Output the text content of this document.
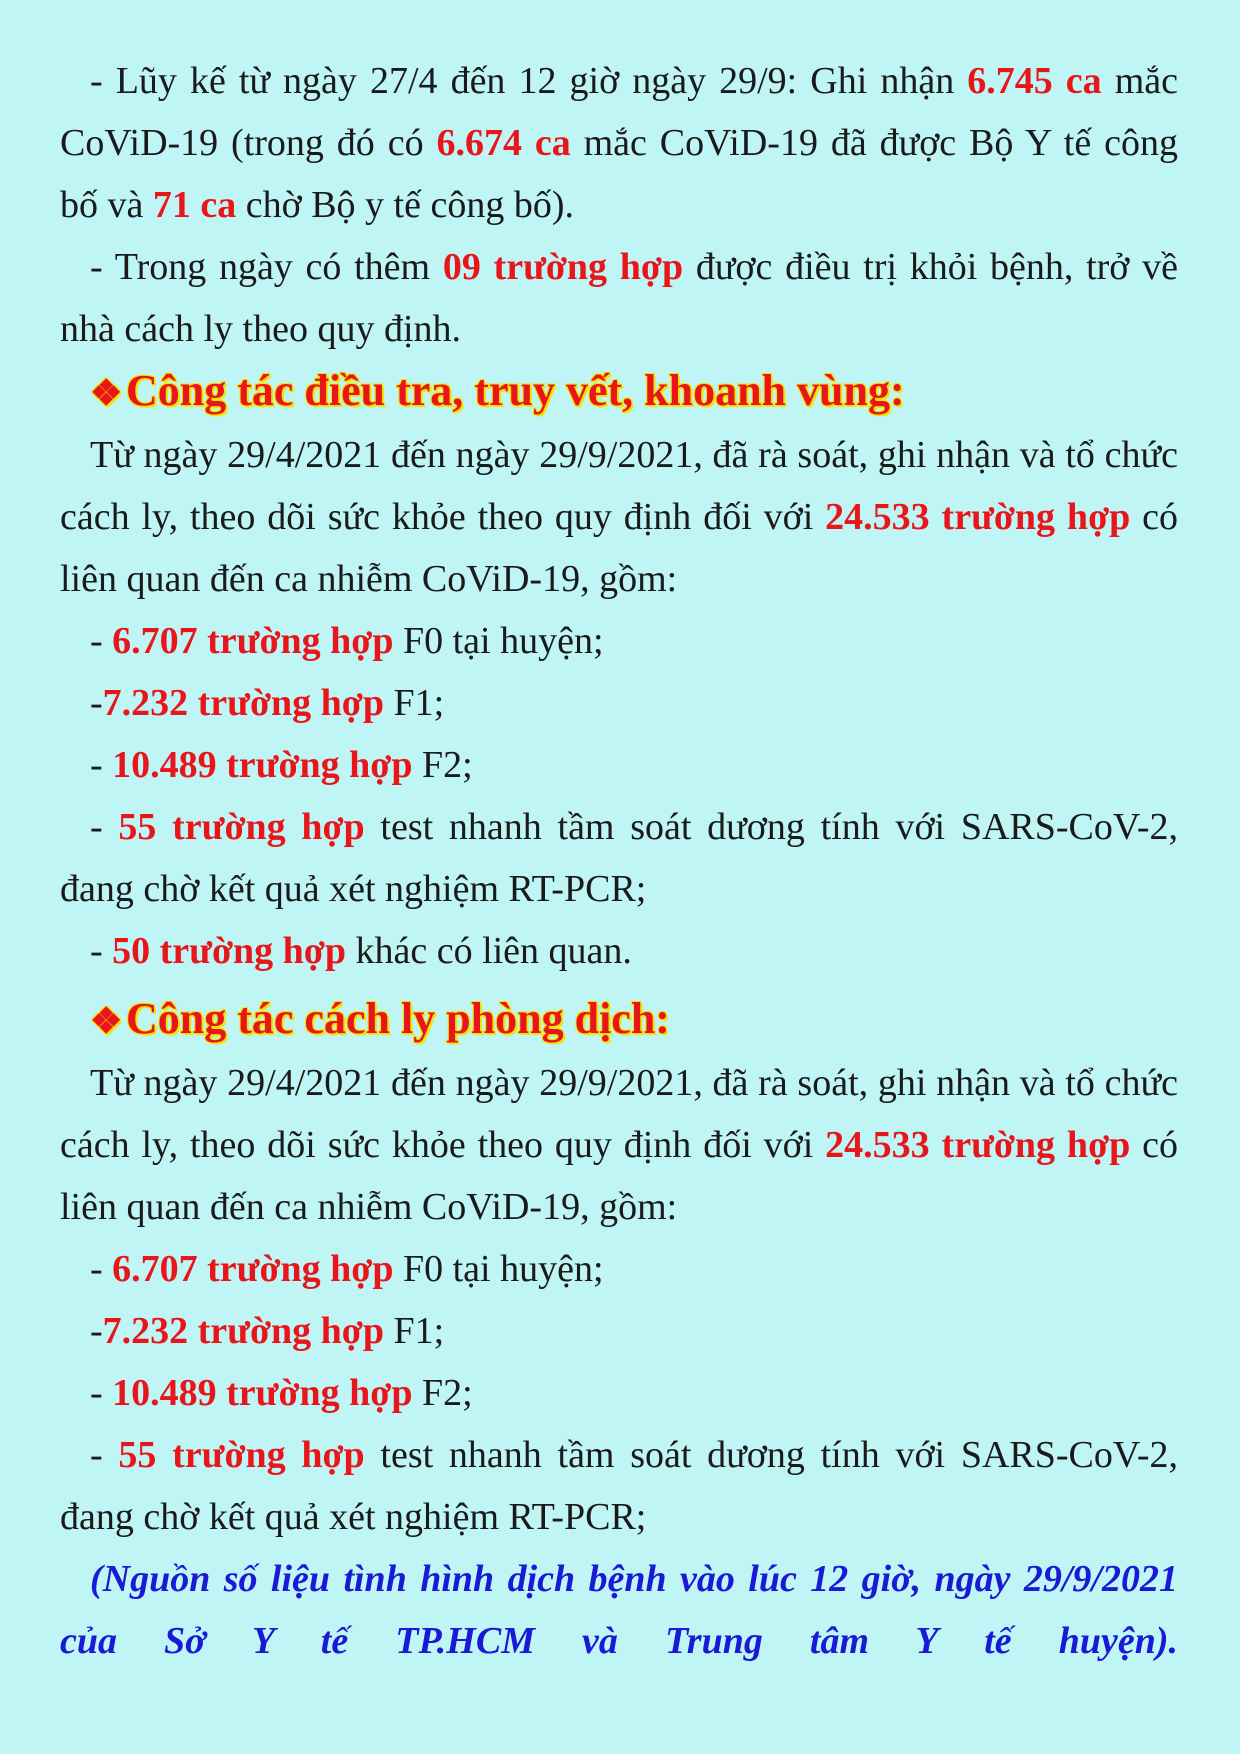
- Lũy kế từ ngày 27/4 đến 12 giờ ngày 29/9: Ghi nhận 6.745 ca mắc CoViD-19 (trong đó có 6.674 ca mắc CoViD-19 đã được Bộ Y tế công bố và 71 ca chờ Bộ y tế công bố).

- Trong ngày có thêm 09 trường hợp được điều trị khỏi bệnh, trở về nhà cách ly theo quy định.

❖Công tác điều tra, truy vết, khoanh vùng:

Từ ngày 29/4/2021 đến ngày 29/9/2021, đã rà soát, ghi nhận và tổ chức cách ly, theo dõi sức khỏe theo quy định đối với 24.533 trường hợp có liên quan đến ca nhiễm CoViD-19, gồm:

- 6.707 trường hợp F0 tại huyện;

-7.232 trường hợp F1;

- 10.489 trường hợp F2;

- 55 trường hợp test nhanh tầm soát dương tính với SARS-CoV-2, đang chờ kết quả xét nghiệm RT-PCR;

- 50 trường hợp khác có liên quan.

❖Công tác cách ly phòng dịch:

Từ ngày 29/4/2021 đến ngày 29/9/2021, đã rà soát, ghi nhận và tổ chức cách ly, theo dõi sức khỏe theo quy định đối với 24.533 trường hợp có liên quan đến ca nhiễm CoViD-19, gồm:

- 6.707 trường hợp F0 tại huyện;

-7.232 trường hợp F1;

- 10.489 trường hợp F2;

- 55 trường hợp test nhanh tầm soát dương tính với SARS-CoV-2, đang chờ kết quả xét nghiệm RT-PCR;

(Nguồn số liệu tình hình dịch bệnh vào lúc 12 giờ, ngày 29/9/2021 của Sở Y tế TP.HCM và Trung tâm Y tế huyện).
